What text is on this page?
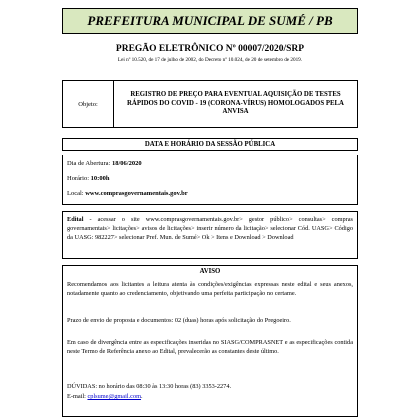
PREFEITURA MUNICIPAL DE SUMÉ / PB
PREGÃO ELETRÔNICO Nº 00007/2020/SRP
Lei nº 10.520, de 17 de julho de 2002, do Decreto nº 10.024, de 20 de setembro de 2019.
Objeto:
REGISTRO DE PREÇO PARA EVENTUAL AQUISIÇÃO DE TESTES RÁPIDOS DO COVID - 19 (CORONA-VÍRUS) HOMOLOGADOS PELA ANVISA
DATA E HORÁRIO DA SESSÃO PÚBLICA
Dia de Abertura: 18/06/2020
Horário: 10:00h
Local: www.comprasgovernamentais.gov.br
Edital - acessar o site www.comprasgovernamentais.gov.br> gestor público> consultas> compras governamentais> licitações> avisos de licitações> inserir número da licitação> selecionar Cód. UASG> Código da UASG: 982227> selecionar Pref. Mun. de Sumé> Ok > Itens e Download > Download
AVISO
Recomendamos aos licitantes a leitura atenta às condições/exigências expressas neste edital e seus anexos, notadamente quanto ao credenciamento, objetivando uma perfeita participação no certame.
Prazo de envio de proposta e documentos: 02 (duas) horas após solicitação do Pregoeiro.
Em caso de divergência entre as especificações inseridas no SIASG/COMPRASNET e as especificações contida neste Termo de Referência anexo ao Edital, prevalecerão as constantes deste último.
DÚVIDAS: no horário das 08:30 às 13:30 horas (83) 3353-2274.
E-mail: cplsume@gmail.com.
